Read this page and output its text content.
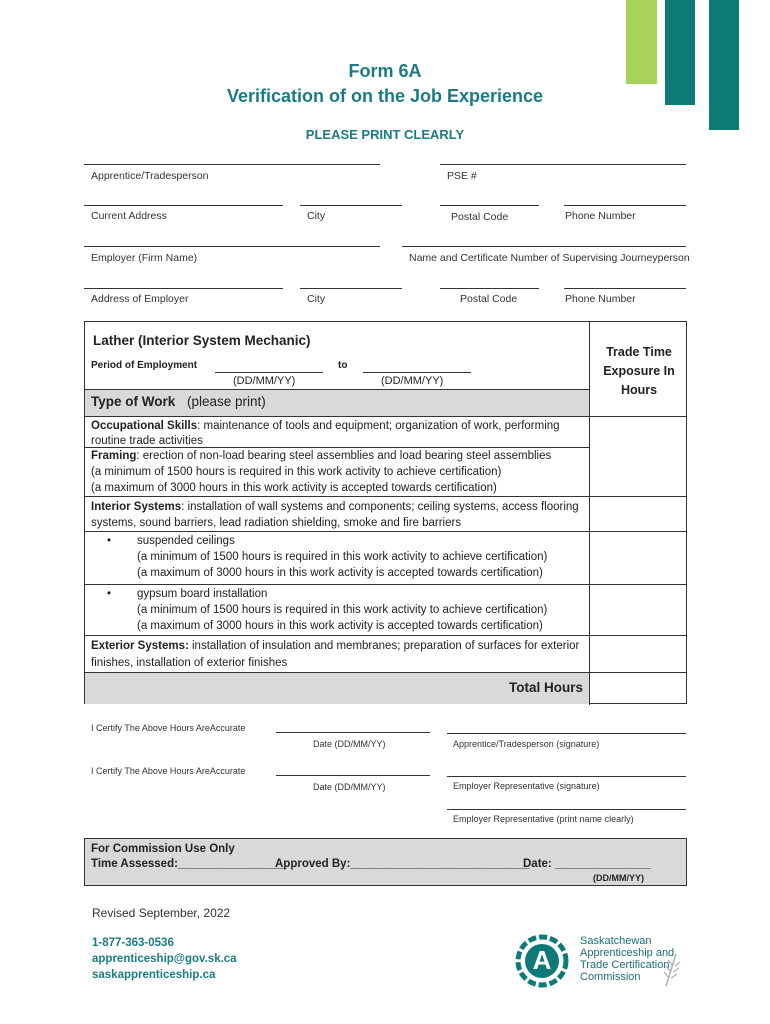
Form 6A
Verification of on the Job Experience
PLEASE PRINT CLEARLY
Apprentice/Tradesperson	PSE #
Current Address	City	Postal Code	Phone Number
Employer (Firm Name)	Name and Certificate Number of Supervising Journeyperson
Address of Employer	City	Postal Code	Phone Number
Lather (Interior System Mechanic)
Period of Employment	to
(DD/MM/YY)	(DD/MM/YY)
Trade Time
Exposure In
Hours
Type of Work (please print)
Occupational Skills: maintenance of tools and equipment; organization of work, performing
routine trade activities
Framing: erection of non-load bearing steel assemblies and load bearing steel assemblies
(a minimum of 1500 hours is required in this work activity to achieve certification)
(a maximum of 3000 hours in this work activity is accepted towards certification)
Interior Systems: installation of wall systems and components; ceiling systems, access flooring
systems, sound barriers, lead radiation shielding, smoke and fire barriers
• suspended ceilings
(a minimum of 1500 hours is required in this work activity to achieve certification)
(a maximum of 3000 hours in this work activity is accepted towards certification)
• gypsum board installation
(a minimum of 1500 hours is required in this work activity to achieve certification)
(a maximum of 3000 hours in this work activity is accepted towards certification)
Exterior Systems: installation of insulation and membranes; preparation of surfaces for exterior
finishes, installation of exterior finishes
Total Hours
I Certify The Above Hours AreAccurate
Date (DD/MM/YY)	Apprentice/Tradesperson (signature)
I Certify The Above Hours AreAccurate
Date (DD/MM/YY)	Employer Representative (signature)
Employer Representative (print name clearly)
For Commission Use Only
Time Assessed:_________________
Approved By:____________________________
Date: _______________
(DD/MM/YY)
Revised September, 2022
1-877-363-0536
apprenticeship@gov.sk.ca
saskapprenticeship.ca	A
Saskatchewan
Apprenticeship and
Trade Certification
Commission
